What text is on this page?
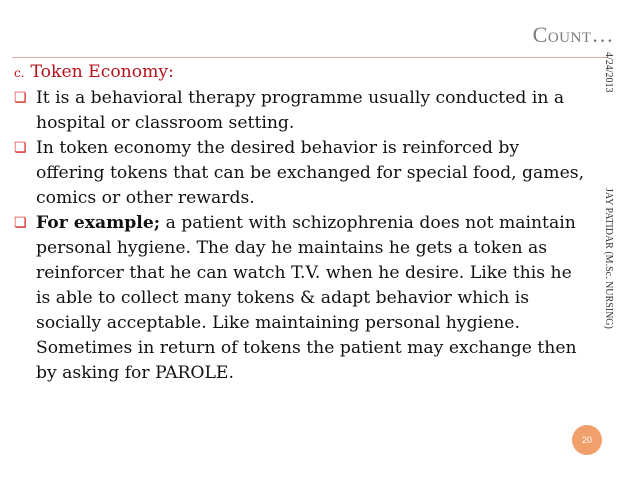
Count…

c. Token Economy:

❏ It is a behavioral therapy programme usually conducted in a hospital or classroom setting.

❏ In token economy the desired behavior is reinforced by offering tokens that can be exchanged for special food, games, comics or other rewards.

❏ For example; a patient with schizophrenia does not maintain personal hygiene. The day he maintains he gets a token as reinforcer that he can watch T.V. when he desire. Like this he is able to collect many tokens & adapt behavior which is socially acceptable. Like maintaining personal hygiene. Sometimes in return of tokens the patient may exchange then by asking for PAROLE.

4/24/2013
JAY PATIDAR (M.Sc. NURSING)
20
